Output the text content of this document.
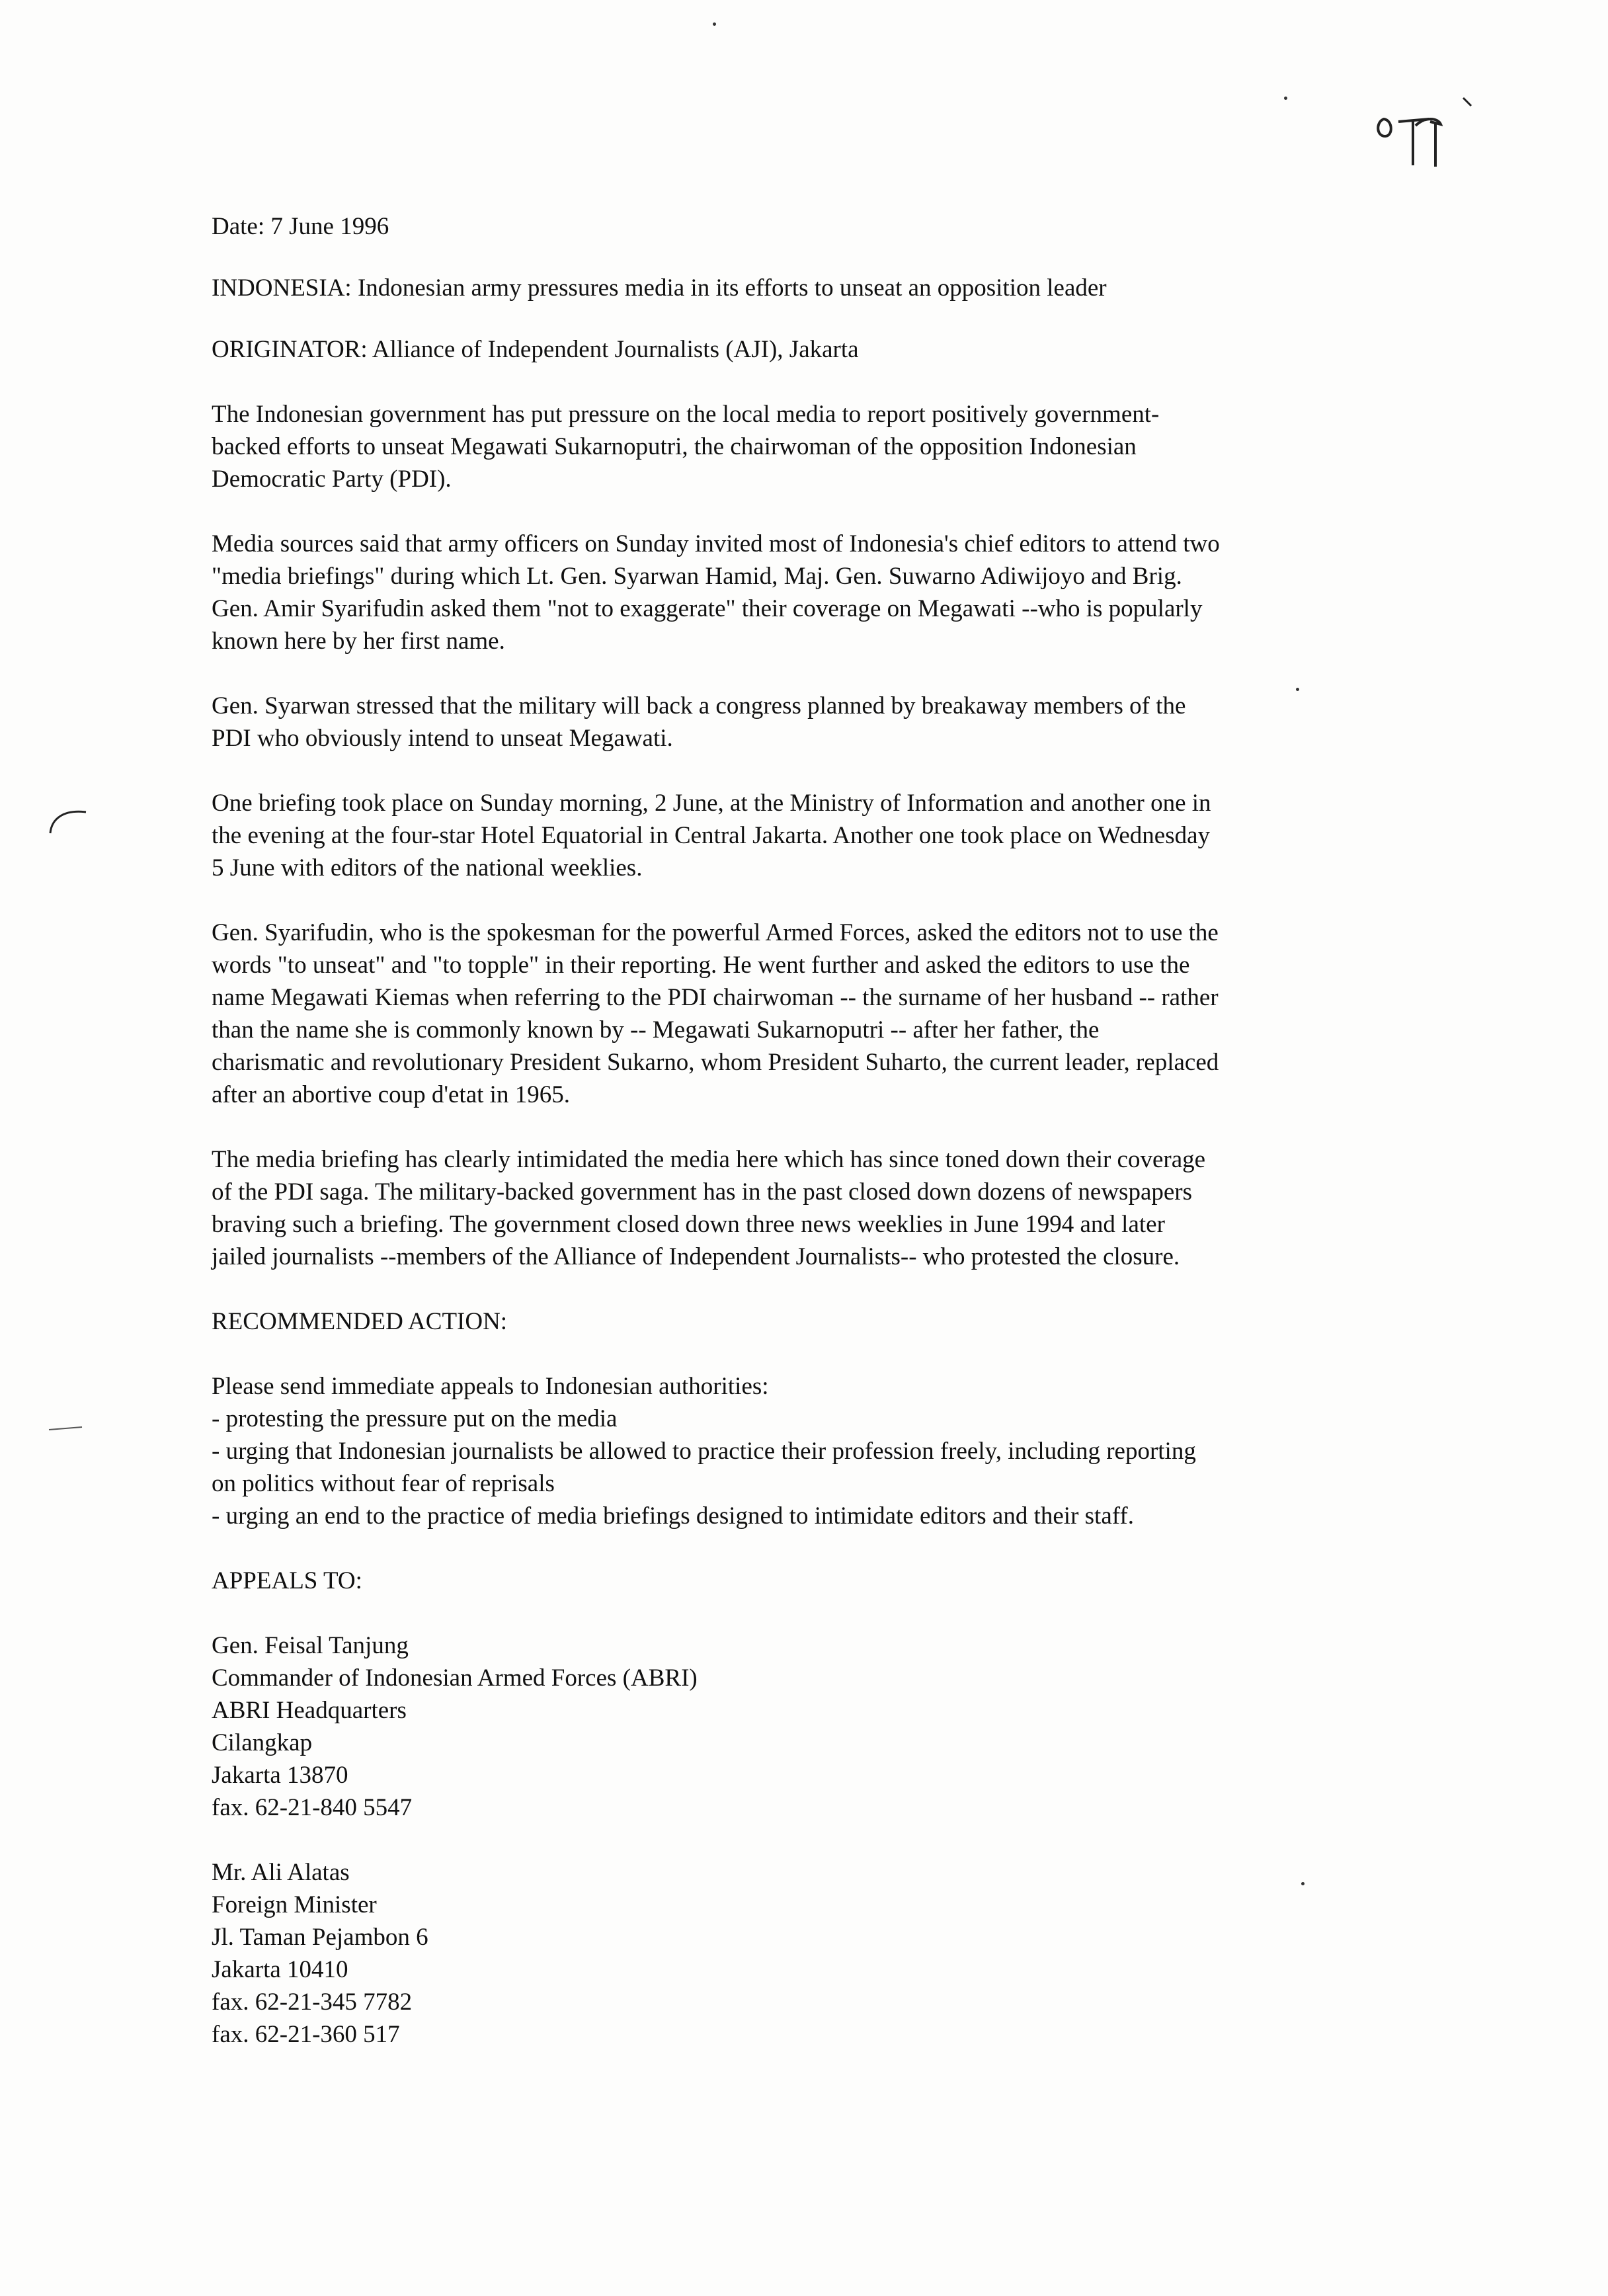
Date: 7 June 1996
INDONESIA: Indonesian army pressures media in its efforts to unseat an opposition leader
ORIGINATOR: Alliance of Independent Journalists (AJI), Jakarta
The Indonesian government has put pressure on the local media to report positively government-
backed efforts to unseat Megawati Sukarnoputri, the chairwoman of the opposition Indonesian
Democratic Party (PDI).
Media sources said that army officers on Sunday invited most of Indonesia's chief editors to attend two
"media briefings" during which Lt. Gen. Syarwan Hamid, Maj. Gen. Suwarno Adiwijoyo and Brig.
Gen. Amir Syarifudin asked them "not to exaggerate" their coverage on Megawati --who is popularly
known here by her first name.
Gen. Syarwan stressed that the military will back a congress planned by breakaway members of the
PDI who obviously intend to unseat Megawati.
One briefing took place on Sunday morning, 2 June, at the Ministry of Information and another one in
the evening at the four-star Hotel Equatorial in Central Jakarta. Another one took place on Wednesday
5 June with editors of the national weeklies.
Gen. Syarifudin, who is the spokesman for the powerful Armed Forces, asked the editors not to use the
words "to unseat" and "to topple" in their reporting. He went further and asked the editors to use the
name Megawati Kiemas when referring to the PDI chairwoman -- the surname of her husband -- rather
than the name she is commonly known by -- Megawati Sukarnoputri -- after her father, the
charismatic and revolutionary President Sukarno, whom President Suharto, the current leader, replaced
after an abortive coup d'etat in 1965.
The media briefing has clearly intimidated the media here which has since toned down their coverage
of the PDI saga. The military-backed government has in the past closed down dozens of newspapers
braving such a briefing. The government closed down three news weeklies in June 1994 and later
jailed journalists --members of the Alliance of Independent Journalists-- who protested the closure.
RECOMMENDED ACTION:
Please send immediate appeals to Indonesian authorities:
- protesting the pressure put on the media
- urging that Indonesian journalists be allowed to practice their profession freely, including reporting
on politics without fear of reprisals
- urging an end to the practice of media briefings designed to intimidate editors and their staff.
APPEALS TO:
Gen. Feisal Tanjung
Commander of Indonesian Armed Forces (ABRI)
ABRI Headquarters
Cilangkap
Jakarta 13870
fax. 62-21-840 5547
Mr. Ali Alatas
Foreign Minister
Jl. Taman Pejambon 6
Jakarta 10410
fax. 62-21-345 7782
fax. 62-21-360 517
